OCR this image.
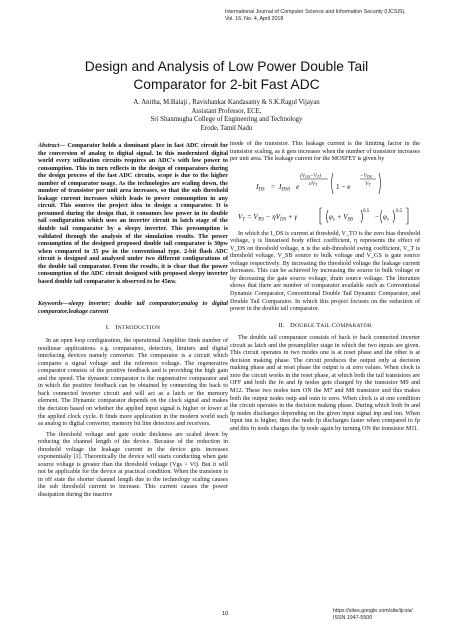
International Journal of Computer Science and Information Security (IJCSIS),
Vol. 16, No. 4, April 2018
Design and Analysis of Low Power Double Tail
Comparator for 2-bit Fast ADC
A. Anitha, M.Balaji , Ravishankar Kandasamy & S.K.Ragul Vijayan
Assistant Professor, ECE,
Sri Shanmugha College of Engineering and Technology
Erode, Tamil Nadu

Abstract— Comparator holds a dominant place in fast ADC circuit for the conversion of analog to digital signal. In this modernized digital world every utilization circuits requires an ADC's with low power to consumption. This in turn reflects in the design of comparators during the design process of the fast ADC circuits, scope is due to the higher number of comparator usage. As the technologies are scaling down, the number of transistor per unit area increases, so that the sub threshold leakage current increases which leads to power consumption in any circuit. This sources the project idea to design a comparator. It is presumed during the design that, it consumes low power in its double tail configuration which uses an inverter circuit in latch stage of the double tail comparator by a sleepy inverter. This presumption is validated through the analysis of the simulation results. The power consumption of the designed proposed double tail comparator is 30pw when compared to 35 pw in the conventional type. 2-bit flash ADC circuit is designed and analyzed under two different configurations of the double tail comparator. From the results, it is clear that the power consumption of the ADC circuit designed with proposed sleepy inverter based double tail comparator is observed to be 45nw.

Keywords—sleepy inverter; double tail comparator;analog to digital comparator,leakage current

I. INTRODUCTION

In an open loop configuration, the operational Amplifier finds number of nonlinear applications. e.g. comparators, detectors, limiters and digital interfacing devices namely converter. The comparator is a circuit which compares a signal voltage and the reference voltage. The regenerative comparator consists of the positive feedback and is providing the high gain and the speed. The dynamic comparator is the regenerative comparator and in which the positive feedback can be obtained by connecting the back to back connected inverter circuit and will act as a latch or the memory element. The Dynamic comparator depends on the clock signal and makes the decision based on whether the applied input signal is higher or lower at the applied clock cycle. It finds more application in the modern world such as analog to digital converter, memory bit line detectors and receivers.

The threshold voltage and gate oxide thickness are scaled down by reducing the channel length of the device. Because of the reduction in threshold voltage the leakage current in the device gets increases exponentially [1]. Theoretically the device will starts conducting when gate source voltage is greater than the threshold voltage (Vgs > Vt). But it will not be applicable for the device at practical condition. When the transistor is in off state the shorter channel length due to the technology scaling causes the sub threshold current to increase. This current causes the power dissipation during the inactive

mode of the transistor. This leakage current is the limiting factor in the transistor scaling, as it gets increases when the number of transistor increases per unit area. The leakage current for the MOSFET is given by

$I_{DS} = I_{DS0}$ e
(VGS−VT)
nVT	1 − e
−VDS
VT
$V_T = V_{TO} - \eta V_{DS} + \gamma$	$\varphi_s + V_{SB}$
0.5
− $\varphi_s$
0.5

In which the I_DS is current at threshold, V_TO is the zero bias threshold voltage, γ is linearised body effect coefficient, η represents the effect of V_DS on threshold voltage, n is the sub-threshold swing coefficient, V_T is threshold voltage, V_SB source to bulk voltage and V_GS is gate source voltage respectively. By increasing the threshold voltage the leakage current decreases. This can be achieved by increasing the source to bulk voltage or by decreasing the gate source voltage, drain source voltage. The literature shows that there are number of comparator available such as Conventional Dynamic Comparator, Conventional Double Tail Dynamic Comparator, and Double Tail Comparator. In which this project focuses on the reduction of power in the double tail comparator.

II. DOUBLE TAIL COMPARATOR

The double tail comparator consists of back to back connected inverter circuit as latch and the preamplifier stage in which the two inputs are given. This circuit operates in two modes one is at reset phase and the other is at decision making phase. The circuit produces the output only at decision making phase and at reset phase the output is at zero values. When clock is zero the circuit works in the reset phase, at which both the tail transistors are OFF and both the fn and fp nodes gets charged by the transistor M9 and M12. These two nodes turn ON the M7 and M8 transistor and this makes both the output nodes outp and outn to zero. When clock is at one condition the circuit operates in the decision making phase. During which both fn and fp nodes discharges depending on the given input signal inp and inn. When input inn is higher, then the node fp discharges faster when compared to fp and this fn node charges the fp node again by turning ON the transistor M11.

10	https://sites.google.com/site/ijcsis/
ISSN 1947-5500
